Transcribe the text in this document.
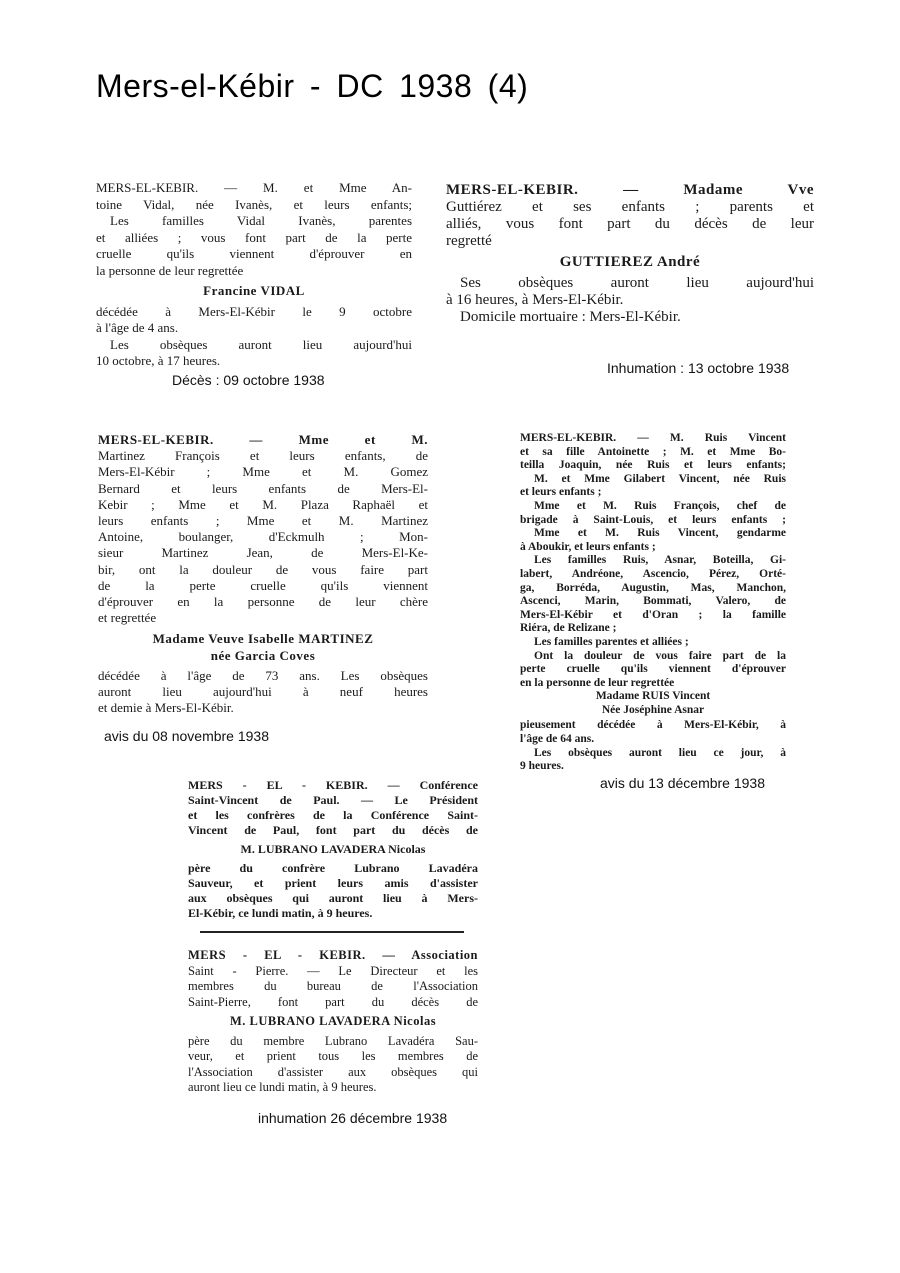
Mers-el-Kébir - DC 1938 (4)

MERS-EL-KEBIR. — M. et Mme An-

toine Vidal, née Ivanès, et leurs enfants;

Les familles Vidal Ivanès, parentes

et alliées ; vous font part de la perte

cruelle qu'ils viennent d'éprouver en

la personne de leur regrettée

Francine VIDAL

décédée à Mers-El-Kébir le 9 octobre

à l'âge de 4 ans.

Les obsèques auront lieu aujourd'hui

10 octobre, à 17 heures.

Décès : 09 octobre 1938

MERS-EL-KEBIR. — Madame Vve

Guttiérez et ses enfants ; parents et

alliés, vous font part du décès de leur

regretté

GUTTIEREZ André

Ses obsèques auront lieu aujourd'hui

à 16 heures, à Mers-El-Kébir.

Domicile mortuaire : Mers-El-Kébir.

Inhumation : 13 octobre 1938

MERS-EL-KEBIR. — Mme et M.

Martinez François et leurs enfants, de

Mers-El-Kébir ; Mme et M. Gomez

Bernard et leurs enfants de Mers-El-

Kebir ; Mme et M. Plaza Raphaël et

leurs enfants ; Mme et M. Martinez

Antoine, boulanger, d'Eckmulh ; Mon-

sieur Martinez Jean, de Mers-El-Ke-

bir, ont la douleur de vous faire part

de la perte cruelle qu'ils viennent

d'éprouver en la personne de leur chère

et regrettée

Madame Veuve Isabelle MARTINEZ

née Garcia Coves

décédée à l'âge de 73 ans. Les obsèques

auront lieu aujourd'hui à neuf heures

et demie à Mers-El-Kébir.

avis du 08 novembre 1938

MERS-EL-KEBIR. — M. Ruis Vincent

et sa fille Antoinette ; M. et Mme Bo-

teilla Joaquin, née Ruis et leurs enfants;

M. et Mme Gilabert Vincent, née Ruis

et leurs enfants ;

Mme et M. Ruis François, chef de

brigade à Saint-Louis, et leurs enfants ;

Mme et M. Ruis Vincent, gendarme

à Aboukir, et leurs enfants ;

Les familles Ruis, Asnar, Boteilla, Gi-

labert, Andréone, Ascencio, Pérez, Orté-

ga, Borréda, Augustin, Mas, Manchon,

Ascenci, Marin, Bommati, Valero, de

Mers-El-Kébir et d'Oran ; la famille

Riéra, de Relizane ;

Les familles parentes et alliées ;

Ont la douleur de vous faire part de la

perte cruelle qu'ils viennent d'éprouver

en la personne de leur regrettée

Madame RUIS Vincent

Née Joséphine Asnar

pieusement décédée à Mers-El-Kébir, à

l'âge de 64 ans.

Les obsèques auront lieu ce jour, à

9 heures.

avis du 13 décembre 1938

MERS - EL - KEBIR. — Conférence

Saint-Vincent de Paul. — Le Président

et les confrères de la Conférence Saint-

Vincent de Paul, font part du décès de

M. LUBRANO LAVADERA Nicolas

père du confrère Lubrano Lavadéra

Sauveur, et prient leurs amis d'assister

aux obsèques qui auront lieu à Mers-

El-Kébir, ce lundi matin, à 9 heures.

MERS - EL - KEBIR. — Association

Saint - Pierre. — Le Directeur et les

membres du bureau de l'Association

Saint-Pierre, font part du décès de

M. LUBRANO LAVADERA Nicolas

père du membre Lubrano Lavadéra Sau-

veur, et prient tous les membres de

l'Association d'assister aux obsèques qui

auront lieu ce lundi matin, à 9 heures.

inhumation 26 décembre 1938
